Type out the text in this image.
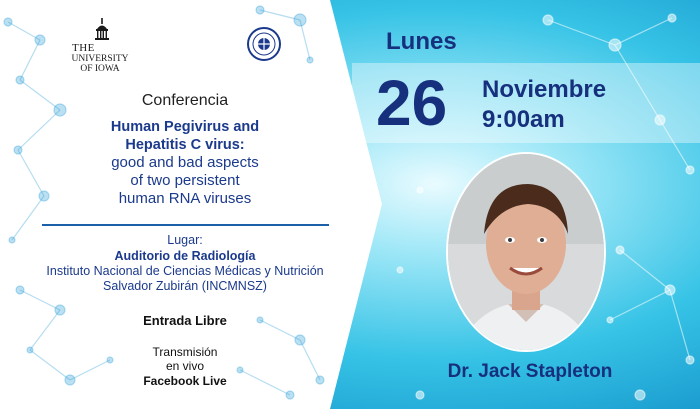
THE
UNIVERSITY
OF IOWA

Conferencia

Human Pegivirus and
Hepatitis C virus:
good and bad aspects
of two persistent
human RNA viruses

Lugar:

Auditorio de Radiología

Instituto Nacional de Ciencias Médicas y Nutrición

Salvador Zubirán (INCMNSZ)

Entrada Libre

Transmisión

en vivo

Facebook Live

Lunes

26 Noviembre

9:00am

Dr. Jack Stapleton
